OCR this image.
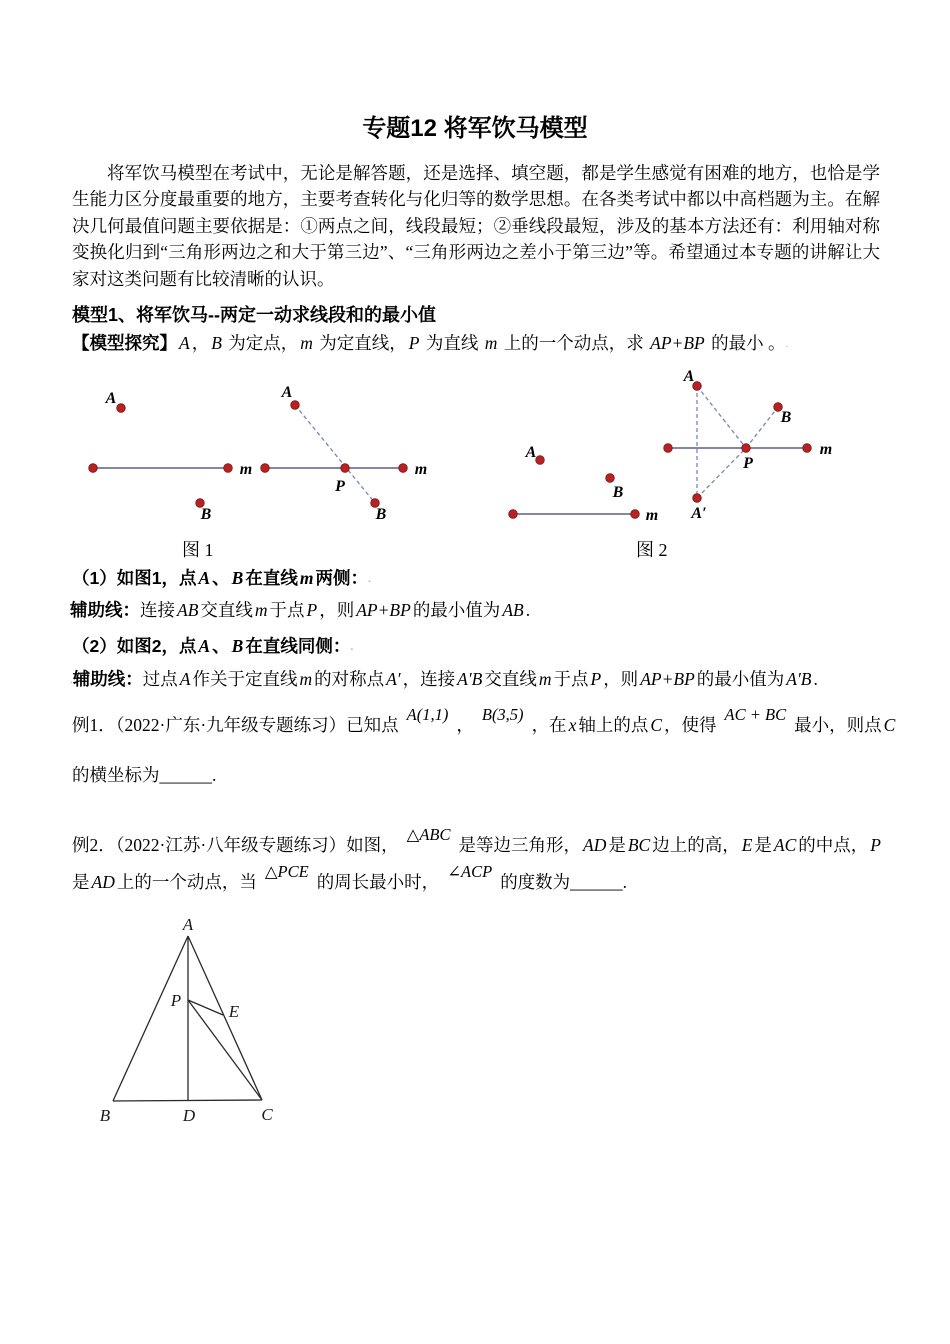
专题12 将军饮马模型
将军饮马模型在考试中，无论是解答题，还是选择、填空题，都是学生感觉有困难的地方，也恰是学生能力区分度最重要的地方，主要考查转化与化归等的数学思想。在各类考试中都以中高档题为主。在解决几何最值问题主要依据是：①两点之间，线段最短；②垂线段最短，涉及的基本方法还有：利用轴对称变换化归到“三角形两边之和大于第三边”、“三角形两边之差小于第三边”等。希望通过本专题的讲解让大家对这类问题有比较清晰的认识。
模型1、将军饮马--两定一动求线段和的最小值
【模型探究】 A ， B 为定点， m 为定直线， P 为直线 m 上的一个动点，求 AP+BP 的最小 。.
A
B
m
A
P
B
m
A
B
m
A
B
P
A′
m
图 1	图 2
（1）如图1，点 A 、 B 在直线 m 两侧：.
辅助线：连接 AB 交直线 m 于点 P ，则 AP+BP 的最小值为 AB .
（2）如图2，点 A 、 B 在直线同侧：.
.辅助线：过点 A 作关于定直线 m 的对称点 A′ ，连接 A′B 交直线 m 于点 P ，则 AP+BP 的最小值为 A′B .
例1．（2022·广东·九年级专题练习）已知点A(1,1)，B(3,5)，在 x 轴上的点 C ，使得AC + BC最小，则点 C
的横坐标为______.
例2．（2022·江苏·八年级专题练习）如图，△ABC是等边三角形， AD 是 BC 边上的高， E 是 AC 的中点， P
是 AD 上的一个动点，当△PCE的周长最小时，∠ACP的度数为______.
A
B	D	C
P
E
